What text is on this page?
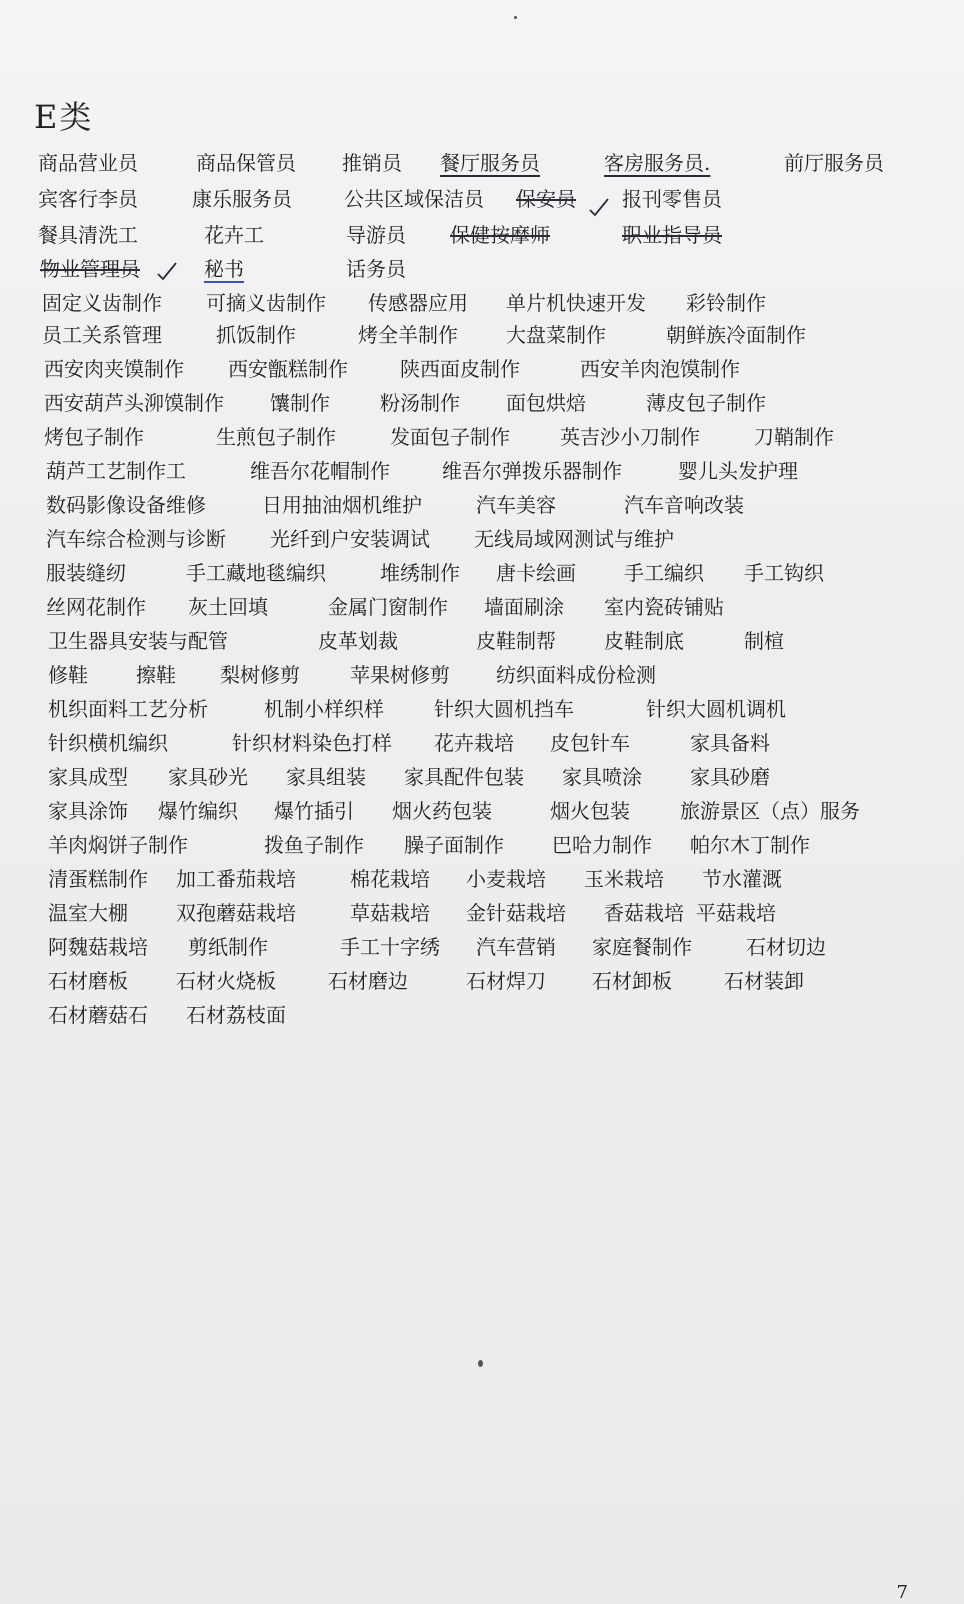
E类
商品营业员	商品保管员 推销员 餐厅服务员	客房服务员.	前厅服务员
宾客行李员	康乐服务员	公共区域保洁员 保安员 报刊零售员
餐具清洗工	花卉工	导游员 保健按摩师	职业指导员
物业管理员	秘书	话务员
固定义齿制作 可摘义齿制作 传感器应用 单片机快速开发 彩铃制作
员工关系管理	抓饭制作	烤全羊制作 大盘菜制作	朝鲜族冷面制作
西安肉夹馍制作 西安甑糕制作	陕西面皮制作	西安羊肉泡馍制作
西安葫芦头泖馍制作 馕制作	粉汤制作 面包烘焙	薄皮包子制作
烤包子制作	生煎包子制作	发面包子制作	英吉沙小刀制作	刀鞘制作
葫芦工艺制作工	维吾尔花帽制作	维吾尔弹拨乐器制作	婴儿头发护理
数码影像设备维修	日用抽油烟机维护	汽车美容	汽车音响改装
汽车综合检测与诊断 光纤到户安装调试 无线局域网测试与维护
服装缝纫	手工藏地毯编织	堆绣制作 唐卡绘画 手工编织 手工钩织
丝网花制作 灰土回填	金属门窗制作 墙面刷涂 室内瓷砖铺贴
卫生器具安装与配管	皮革划裁	皮鞋制帮 皮鞋制底	制楦
修鞋 擦鞋 梨树修剪	苹果树修剪 纺织面料成份检测
机织面料工艺分析	机制小样织样	针织大圆机挡车	针织大圆机调机
针织横机编织	针织材料染色打样 花卉栽培 皮包针车	家具备料
家具成型 家具砂光 家具组装 家具配件包装 家具喷涂 家具砂磨
家具涂饰 爆竹编织 爆竹插引 烟火药包装	烟火包装	旅游景区（点）服务
羊肉焖饼子制作	拨鱼子制作 臊子面制作 巴哈力制作 帕尔木丁制作
清蛋糕制作 加工番茄栽培	棉花栽培 小麦栽培 玉米栽培 节水灌溉
温室大棚 双孢蘑菇栽培	草菇栽培 金针菇栽培 香菇栽培 平菇栽培
阿魏菇栽培 剪纸制作	手工十字绣 汽车营销 家庭餐制作	石材切边
石材磨板 石材火烧板	石材磨边	石材焊刀 石材卸板	石材装卸
石材蘑菇石 石材荔枝面
7
